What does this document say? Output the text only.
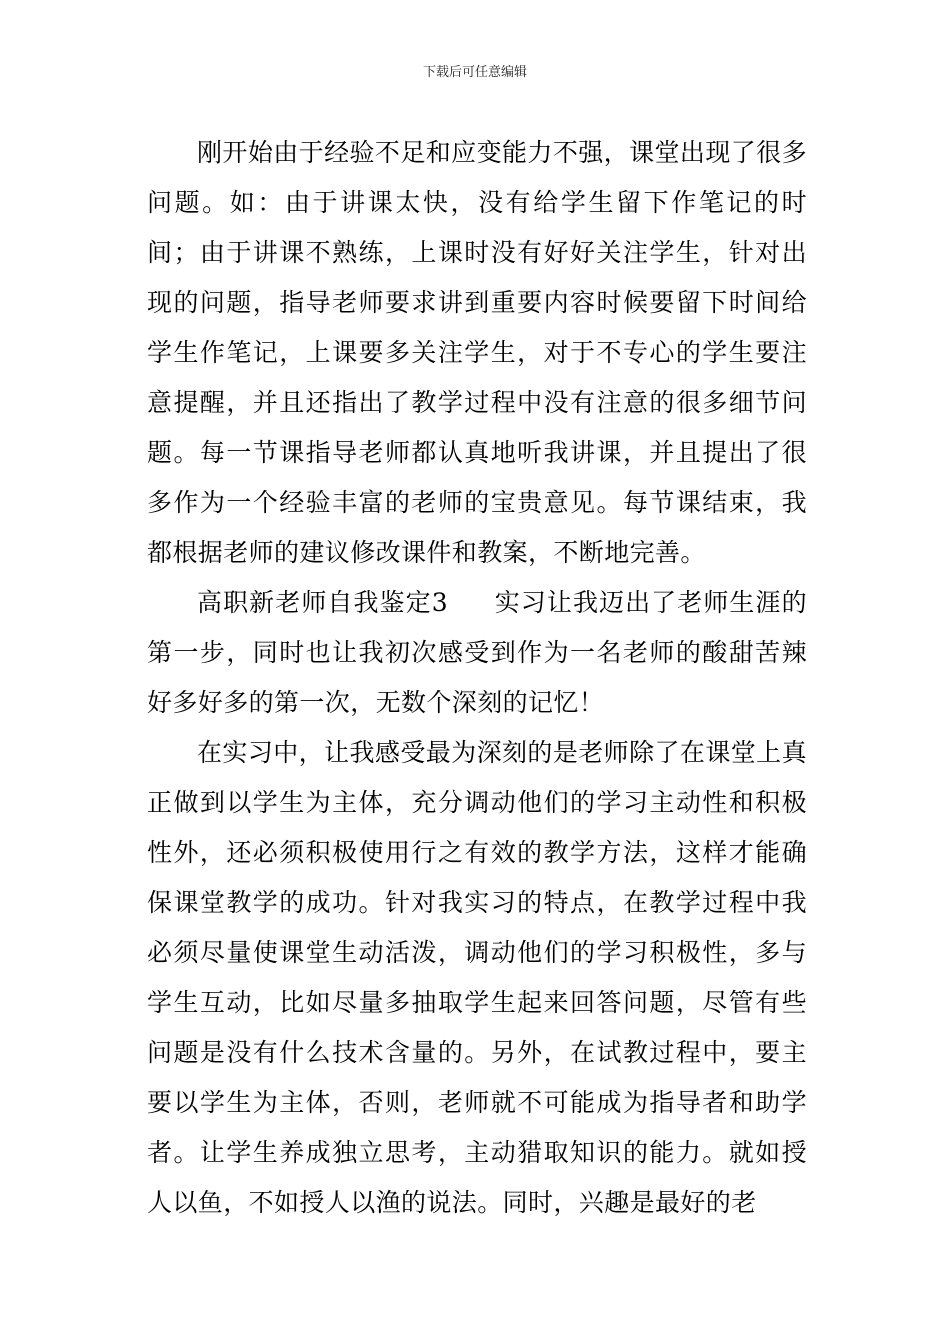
下载后可任意编辑

刚开始由于经验不足和应变能力不强，课堂出现了很多问题。如：由于讲课太快，没有给学生留下作笔记的时间；由于讲课不熟练，上课时没有好好关注学生，针对出现的问题，指导老师要求讲到重要内容时候要留下时间给学生作笔记，上课要多关注学生，对于不专心的学生要注意提醒，并且还指出了教学过程中没有注意的很多细节问题。每一节课指导老师都认真地听我讲课，并且提出了很多作为一个经验丰富的老师的宝贵意见。每节课结束，我都根据老师的建议修改课件和教案，不断地完善。

高职新老师自我鉴定3 实习让我迈出了老师生涯的第一步，同时也让我初次感受到作为一名老师的酸甜苦辣好多好多的第一次，无数个深刻的记忆！

在实习中，让我感受最为深刻的是老师除了在课堂上真正做到以学生为主体，充分调动他们的学习主动性和积极性外，还必须积极使用行之有效的教学方法，这样才能确保课堂教学的成功。针对我实习的特点，在教学过程中我必须尽量使课堂生动活泼，调动他们的学习积极性，多与学生互动，比如尽量多抽取学生起来回答问题，尽管有些问题是没有什么技术含量的。另外，在试教过程中，要主要以学生为主体，否则，老师就不可能成为指导者和助学者。让学生养成独立思考，主动猎取知识的能力。就如授人以鱼，不如授人以渔的说法。同时，兴趣是最好的老
